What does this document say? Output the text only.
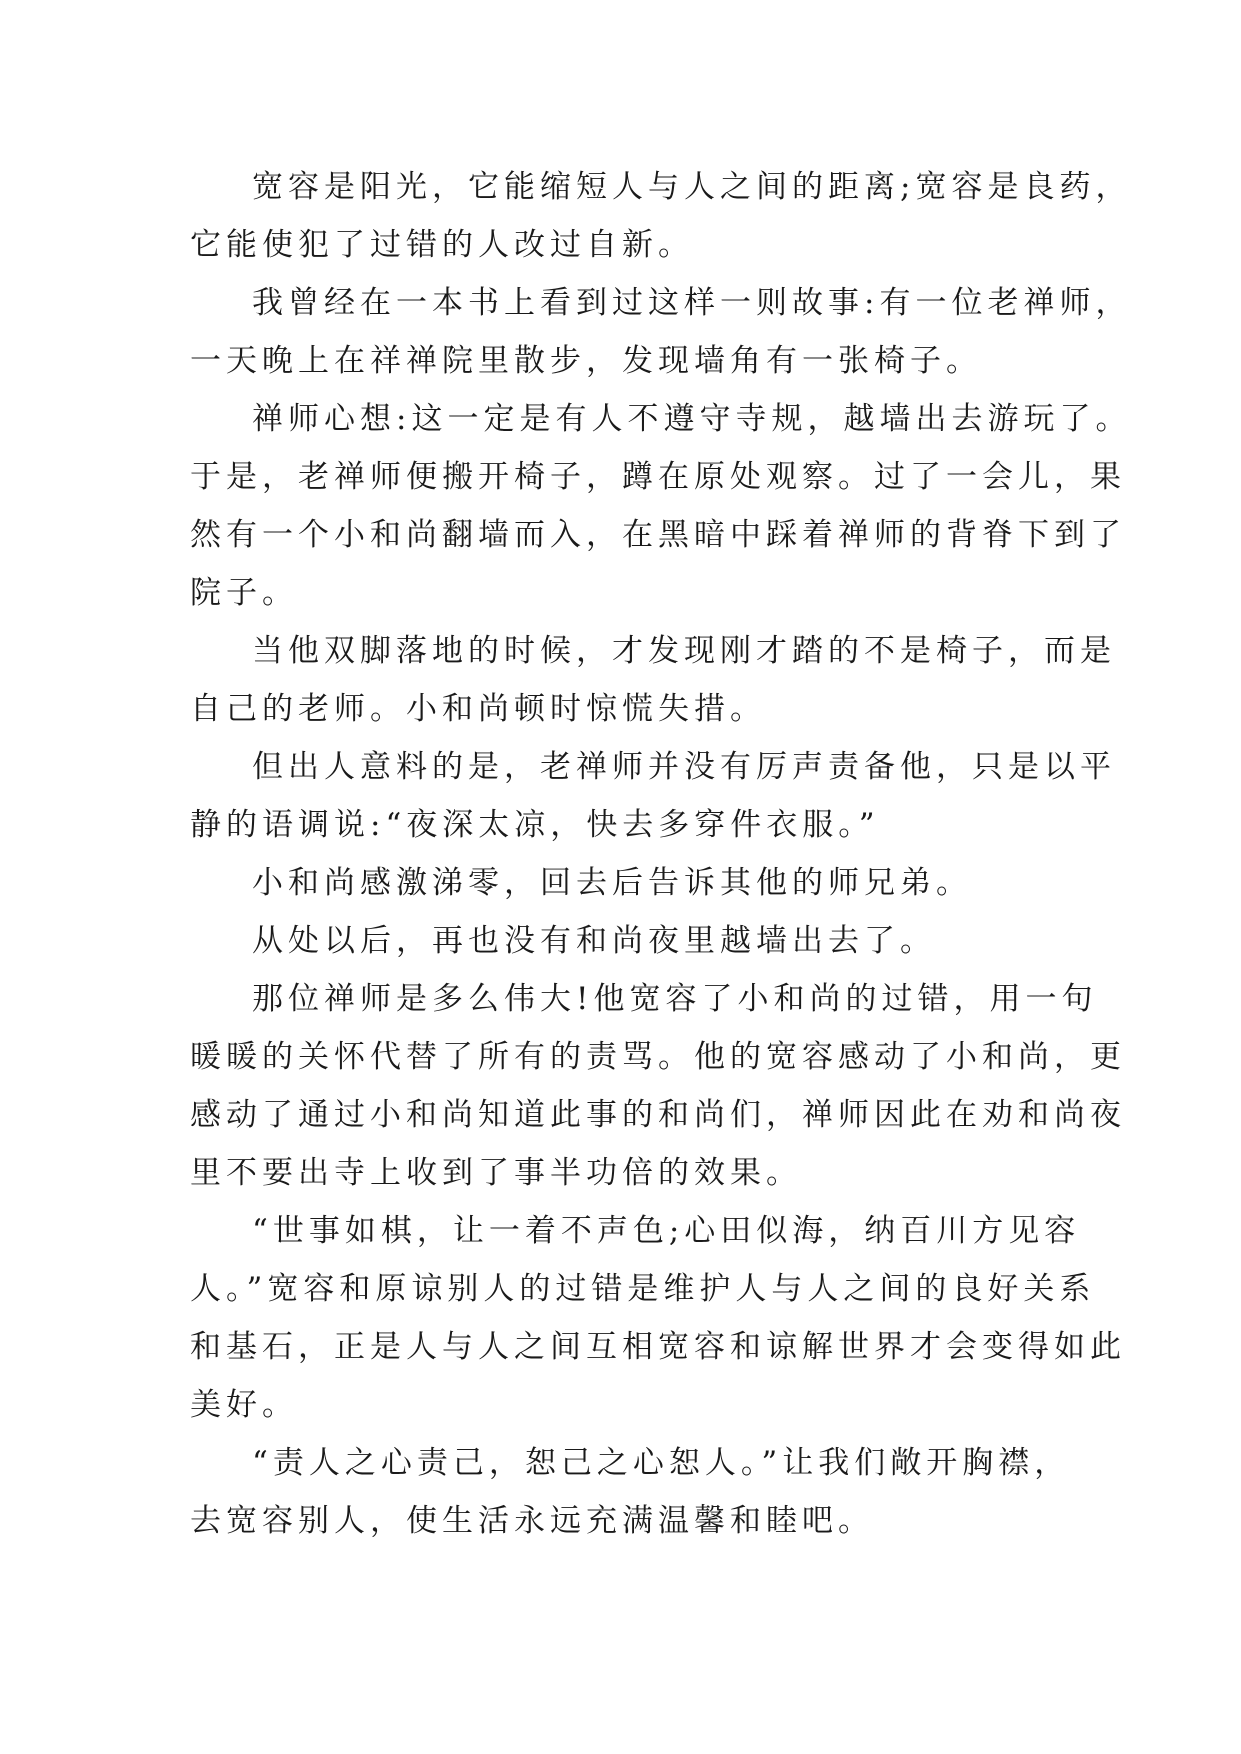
宽容是阳光，它能缩短人与人之间的距离;宽容是良药，
它能使犯了过错的人改过自新。

我曾经在一本书上看到过这样一则故事:有一位老禅师，
一天晚上在祥禅院里散步，发现墙角有一张椅子。

禅师心想:这一定是有人不遵守寺规，越墙出去游玩了。
于是，老禅师便搬开椅子，蹲在原处观察。过了一会儿，果
然有一个小和尚翻墙而入，在黑暗中踩着禅师的背脊下到了
院子。

当他双脚落地的时候，才发现刚才踏的不是椅子，而是
自己的老师。小和尚顿时惊慌失措。

但出人意料的是，老禅师并没有厉声责备他，只是以平
静的语调说:“夜深太凉，快去多穿件衣服。”

小和尚感激涕零，回去后告诉其他的师兄弟。

从处以后，再也没有和尚夜里越墙出去了。

那位禅师是多么伟大!他宽容了小和尚的过错，用一句
暖暖的关怀代替了所有的责骂。他的宽容感动了小和尚，更
感动了通过小和尚知道此事的和尚们，禅师因此在劝和尚夜
里不要出寺上收到了事半功倍的效果。

“世事如棋，让一着不声色;心田似海，纳百川方见容
人。”宽容和原谅别人的过错是维护人与人之间的良好关系
和基石，正是人与人之间互相宽容和谅解世界才会变得如此
美好。

“责人之心责己，恕己之心恕人。”让我们敞开胸襟，
去宽容别人，使生活永远充满温馨和睦吧。
